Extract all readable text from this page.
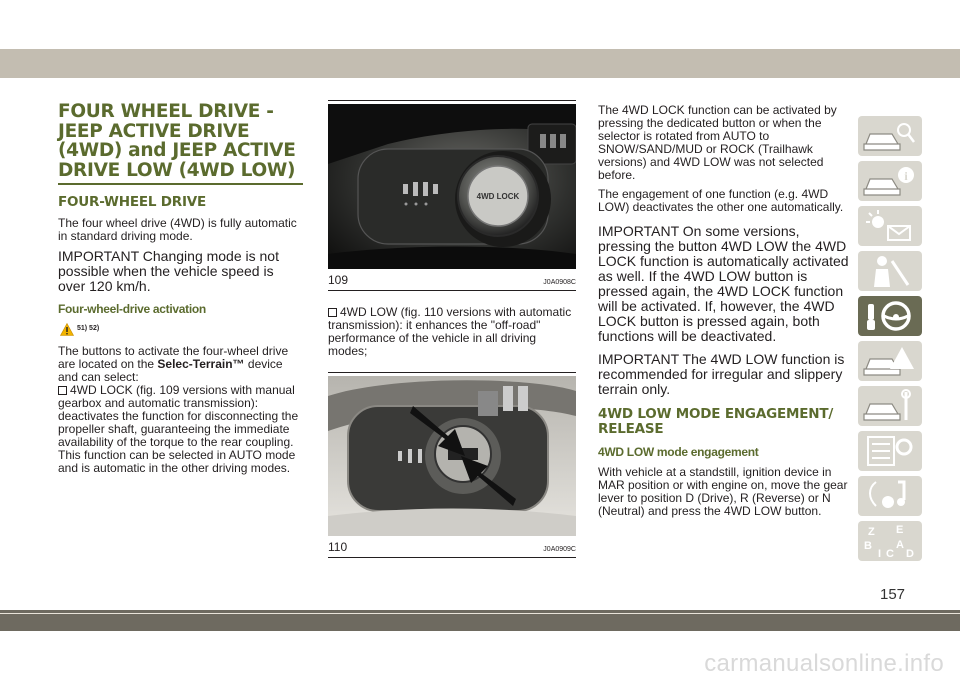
FOUR WHEEL DRIVE - JEEP ACTIVE DRIVE (4WD) and JEEP ACTIVE DRIVE LOW (4WD LOW)
FOUR-WHEEL DRIVE

The four wheel drive (4WD) is fully automatic in standard driving mode.

IMPORTANT Changing mode is not possible when the vehicle speed is over 120 km/h.

Four-wheel-drive activation
51) 52)

The buttons to activate the four-wheel drive are located on the Selec-Terrain™ device and can select:
4WD LOCK (fig. 109 versions with manual gearbox and automatic transmission): deactivates the function for disconnecting the propeller shaft, guaranteeing the immediate availability of the torque to the rear coupling. This function can be selected in AUTO mode and is automatic in the other driving modes.

4WD LOCK
109	J0A0908C

4WD LOW (fig. 110 versions with automatic transmission): it enhances the "off-road" performance of the vehicle in all driving modes;

110	J0A0909C

The 4WD LOCK function can be activated by pressing the dedicated button or when the selector is rotated from AUTO to SNOW/SAND/MUD or ROCK (Trailhawk versions) and 4WD LOW was not selected before.

The engagement of one function (e.g. 4WD LOW) deactivates the other one automatically.

IMPORTANT On some versions, pressing the button 4WD LOW the 4WD LOCK function is automatically activated as well. If the 4WD LOW button is pressed again, the 4WD LOCK function will be activated. If, however, the 4WD LOCK button is pressed again, both functions will be deactivated.

IMPORTANT The 4WD LOW function is recommended for irregular and slippery terrain only.

4WD LOW MODE ENGAGEMENT/ RELEASE
4WD LOW mode engagement

With vehicle at a standstill, ignition device in MAR position or with engine on, move the gear lever to position D (Drive), R (Reverse) or N (Neutral) and press the 4WD LOW button.

i
Z E
B A
I C D
157
carmanualsonline.info
